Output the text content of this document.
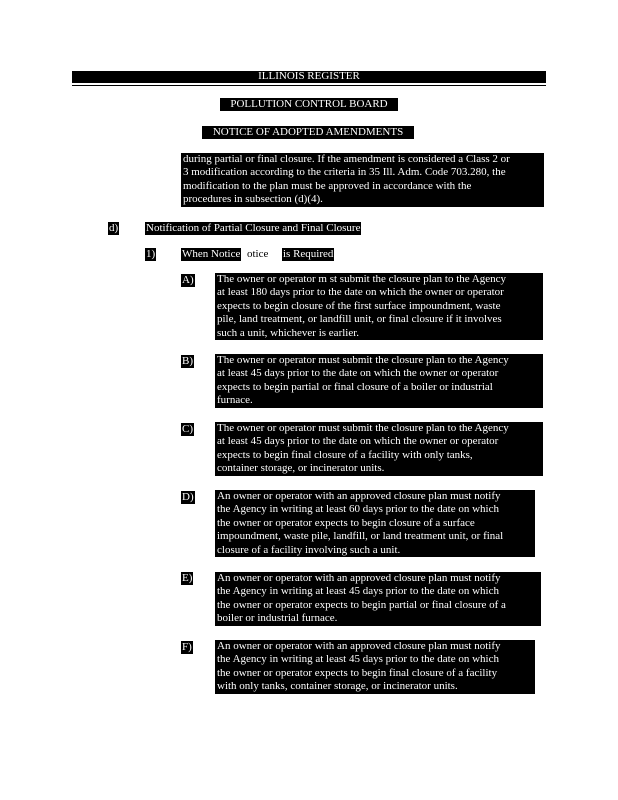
ILLINOIS REGISTER
POLLUTION CONTROL BOARD
NOTICE OF ADOPTED AMENDMENTS
during partial or final closure. If the amendment is considered a Class 2 or
3 modification according to the criteria in 35 Ill. Adm. Code 703.280, the
modification to the plan must be approved in accordance with the
procedures in subsection (d)(4).
d)	Notification of Partial Closure and Final Closure
1) When Notice otice is Required
A) The owner or operator m st submit the closure plan to the Agency
at least 180 days prior to the date on which the owner or operator
expects to begin closure of the first surface impoundment, waste
pile, land treatment, or landfill unit, or final closure if it involves
such a unit, whichever is earlier.
B) The owner or operator must submit the closure plan to the Agency
at least 45 days prior to the date on which the owner or operator
expects to begin partial or final closure of a boiler or industrial
furnace.
C) The owner or operator must submit the closure plan to the Agency
at least 45 days prior to the date on which the owner or operator
expects to begin final closure of a facility with only tanks,
container storage, or incinerator units.
D) An owner or operator with an approved closure plan must notify
the Agency in writing at least 60 days prior to the date on which
the owner or operator expects to begin closure of a surface
impoundment, waste pile, landfill, or land treatment unit, or final
closure of a facility involving such a unit.
E) An owner or operator with an approved closure plan must notify
the Agency in writing at least 45 days prior to the date on which
the owner or operator expects to begin partial or final closure of a
boiler or industrial furnace.
F) An owner or operator with an approved closure plan must notify
the Agency in writing at least 45 days prior to the date on which
the owner or operator expects to begin final closure of a facility
with only tanks, container storage, or incinerator units.
